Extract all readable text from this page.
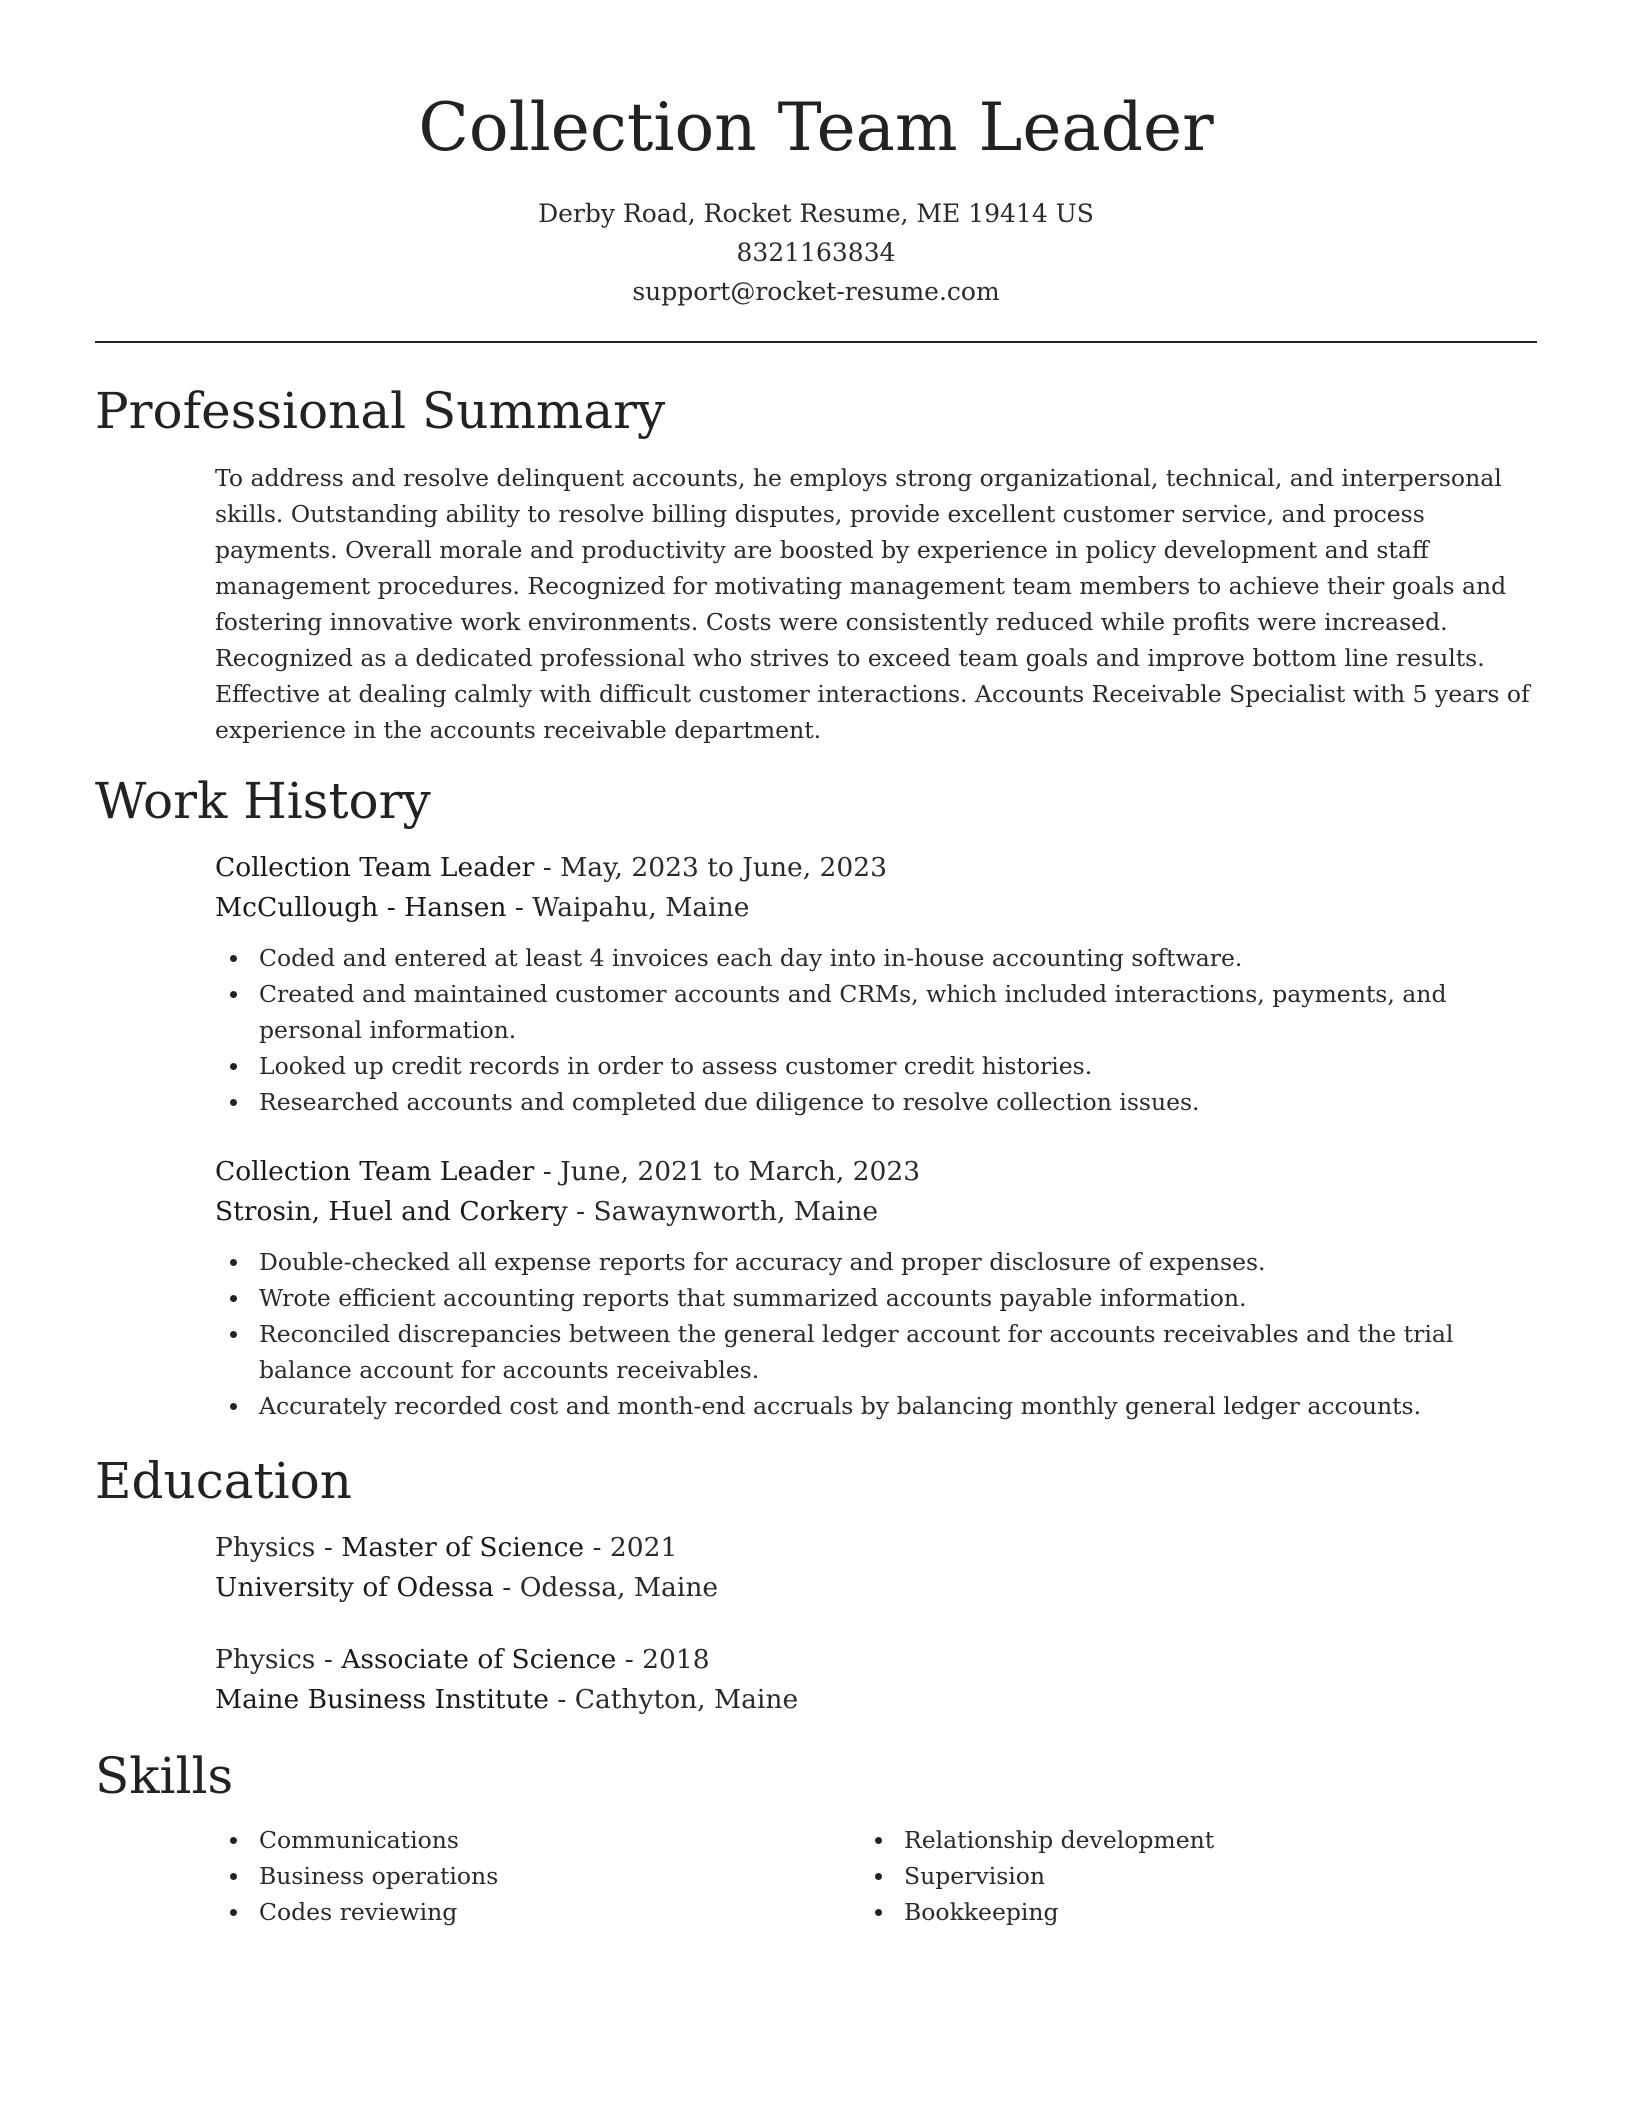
Collection Team Leader
Derby Road, Rocket Resume, ME 19414 US
8321163834
support@rocket-resume.com
Professional Summary

To address and resolve delinquent accounts, he employs strong organizational, technical, and interpersonal skills. Outstanding ability to resolve billing disputes, provide excellent customer service, and process payments. Overall morale and productivity are boosted by experience in policy development and staff management procedures. Recognized for motivating management team members to achieve their goals and fostering innovative work environments. Costs were consistently reduced while profits were increased. Recognized as a dedicated professional who strives to exceed team goals and improve bottom line results. Effective at dealing calmly with difficult customer interactions. Accounts Receivable Specialist with 5 years of experience in the accounts receivable department.

Work History
Collection Team Leader - May, 2023 to June, 2023
McCullough - Hansen - Waipahu, Maine
Coded and entered at least 4 invoices each day into in-house accounting software.
Created and maintained customer accounts and CRMs, which included interactions, payments, and personal information.
Looked up credit records in order to assess customer credit histories.
Researched accounts and completed due diligence to resolve collection issues.
Collection Team Leader - June, 2021 to March, 2023
Strosin, Huel and Corkery - Sawaynworth, Maine
Double-checked all expense reports for accuracy and proper disclosure of expenses.
Wrote efficient accounting reports that summarized accounts payable information.
Reconciled discrepancies between the general ledger account for accounts receivables and the trial balance account for accounts receivables.
Accurately recorded cost and month-end accruals by balancing monthly general ledger accounts.
Education
Physics - Master of Science - 2021
University of Odessa - Odessa, Maine
Physics - Associate of Science - 2018
Maine Business Institute - Cathyton, Maine
Skills
Communications
Business operations
Codes reviewing
Relationship development
Supervision
Bookkeeping
